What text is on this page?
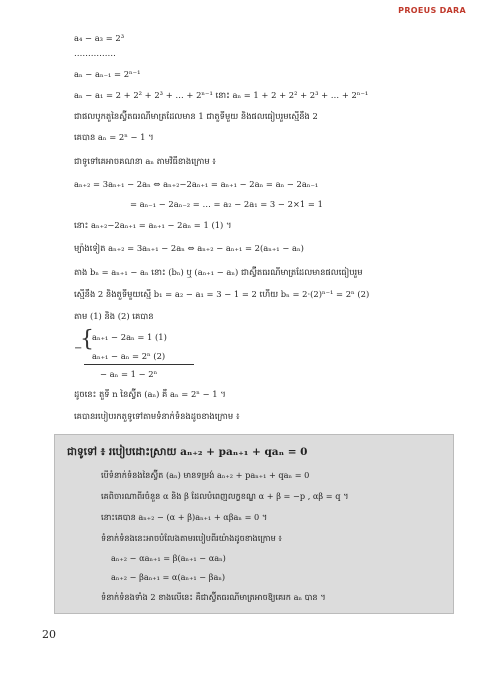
PROEUS DARA
a₄ − a₃ = 2³
……………
aₙ − aₙ₋₁ = 2ⁿ⁻¹
aₙ − a₁ = 2 + 2² + 2³ + … + 2ⁿ⁻¹ នោះ aₙ = 1 + 2 + 2² + 2³ + … + 2ⁿ⁻¹
ជាផលបូកតួនៃស្វ៊ីតធរណីមាត្រដែលមាន 1 ជាតួទីមួយ និងផលធៀបរួមស្មើនឹង 2
គេបាន aₙ = 2ⁿ − 1 ។
ជាទូទៅគេអាចគណនា aₙ តាមវិធីខាងក្រោម ៖
aₙ₊₂ = 3aₙ₊₁ − 2aₙ ⇔ aₙ₊₂−2aₙ₊₁ = aₙ₊₁ − 2aₙ = aₙ − 2aₙ₋₁
= aₙ₋₁ − 2aₙ₋₂ = … = a₂ − 2a₁ = 3 − 2×1 = 1
នោះ aₙ₊₂−2aₙ₊₁ = aₙ₊₁ − 2aₙ = 1 (1) ។
ម្យ៉ាងទៀត aₙ₊₂ = 3aₙ₊₁ − 2aₙ ⇔ aₙ₊₂ − aₙ₊₁ = 2(aₙ₊₁ − aₙ)
តាង bₙ = aₙ₊₁ − aₙ នោះ (bₙ) ឬ (aₙ₊₁ − aₙ) ជាស្វ៊ីតធរណីមាត្រដែលមានផលធៀបរួម
ស្មើនឹង 2 និងតួទីមួយស្មើ b₁ = a₂ − a₁ = 3 − 1 = 2 ហើយ bₙ = 2·(2)ⁿ⁻¹ = 2ⁿ (2)
តាម (1) និង (2) គេបាន
{
aₙ₊₁ − 2aₙ = 1 (1)
aₙ₊₁ − aₙ = 2ⁿ (2)
−
− aₙ = 1 − 2ⁿ
ដូចនេះ តួទី n នៃស្វ៊ីត (aₙ) គឺ aₙ = 2ⁿ − 1 ។
គេបានរបៀបរកតួទូទៅតាមទំនាក់ទំនងដូចខាងក្រោម ៖
ជាទូទៅ ៖ របៀបដោះស្រាយ aₙ₊₂ + paₙ₊₁ + qaₙ = 0
បើទំនាក់ទំនងនៃស្វ៊ីត (aₙ) មានទម្រង់ aₙ₊₂ + paₙ₊₁ + qaₙ = 0
គេពិចារណាពីរចំនួន α និង β ដែលបំពេញលក្ខខណ្ឌ α + β = −p , αβ = q ។
នោះគេបាន aₙ₊₂ − (α + β)aₙ₊₁ + αβaₙ = 0 ។
ទំនាក់ទំនងនេះអាចបំលែងតាមរបៀបពីរយ៉ាងដូចខាងក្រោម ៖
aₙ₊₂ − αaₙ₊₁ = β(aₙ₊₁ − αaₙ)
aₙ₊₂ − βaₙ₊₁ = α(aₙ₊₁ − βaₙ)
ទំនាក់ទំនងទាំង 2 ខាងលើនេះ គឺជាស្វ៊ីតធរណីមាត្រអាចឱ្យគេរក aₙ បាន ។
20
